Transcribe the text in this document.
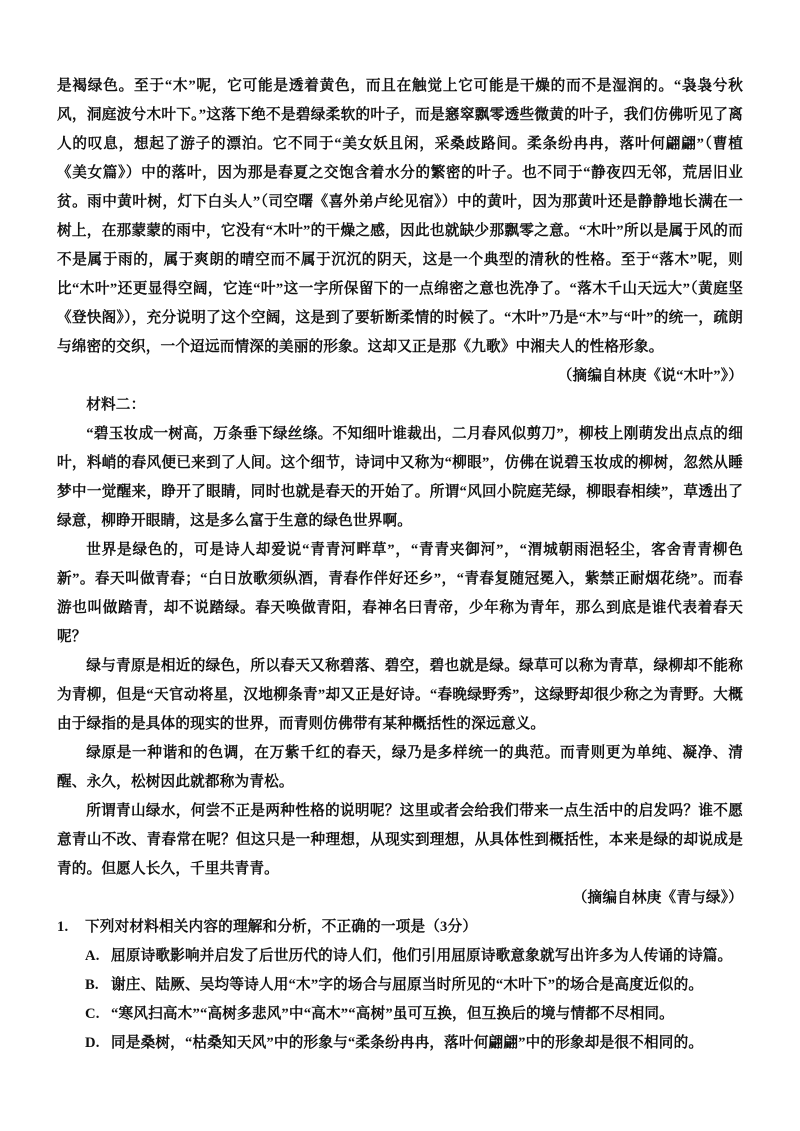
是褐绿色。至于“木”呢，它可能是透着黄色，而且在触觉上它可能是干燥的而不是湿润的。“袅袅兮秋风，洞庭波兮木叶下。”这落下绝不是碧绿柔软的叶子，而是窸窣飘零透些微黄的叶子，我们仿佛听见了离人的叹息，想起了游子的漂泊。它不同于“美女妖且闲，采桑歧路间。柔条纷冉冉，落叶何翩翩”（曹植《美女篇》）中的落叶，因为那是春夏之交饱含着水分的繁密的叶子。也不同于“静夜四无邻，荒居旧业贫。雨中黄叶树，灯下白头人”（司空曙《喜外弟卢纶见宿》）中的黄叶，因为那黄叶还是静静地长满在一树上，在那蒙蒙的雨中，它没有“木叶”的干燥之感，因此也就缺少那飘零之意。“木叶”所以是属于风的而不是属于雨的，属于爽朗的晴空而不属于沉沉的阴天，这是一个典型的清秋的性格。至于“落木”呢，则比“木叶”还更显得空阔，它连“叶”这一字所保留下的一点绵密之意也洗净了。“落木千山天远大”（黄庭坚《登快阁》），充分说明了这个空阔，这是到了要斩断柔情的时候了。“木叶”乃是“木”与“叶”的统一，疏朗与绵密的交织，一个迢远而情深的美丽的形象。这却又正是那《九歌》中湘夫人的性格形象。

（摘编自林庚《说“木叶”》）

材料二：

“碧玉妆成一树高，万条垂下绿丝绦。不知细叶谁裁出，二月春风似剪刀”，柳枝上刚萌发出点点的细叶，料峭的春风便已来到了人间。这个细节，诗词中又称为“柳眼”，仿佛在说碧玉妆成的柳树，忽然从睡梦中一觉醒来，睁开了眼睛，同时也就是春天的开始了。所谓“风回小院庭芜绿，柳眼春相续”，草透出了绿意，柳睁开眼睛，这是多么富于生意的绿色世界啊。

世界是绿色的，可是诗人却爱说“青青河畔草”，“青青夹御河”，“渭城朝雨浥轻尘，客舍青青柳色新”。春天叫做青春；“白日放歌须纵酒，青春作伴好还乡”，“青春复随冠冕入，紫禁正耐烟花绕”。而春游也叫做踏青，却不说踏绿。春天唤做青阳，春神名曰青帝，少年称为青年，那么到底是谁代表着春天呢？

绿与青原是相近的绿色，所以春天又称碧落、碧空，碧也就是绿。绿草可以称为青草，绿柳却不能称为青柳，但是“天官动将星，汉地柳条青”却又正是好诗。“春晚绿野秀”，这绿野却很少称之为青野。大概由于绿指的是具体的现实的世界，而青则仿佛带有某种概括性的深远意义。

绿原是一种谐和的色调，在万紫千红的春天，绿乃是多样统一的典范。而青则更为单纯、凝净、清醒、永久，松树因此就都称为青松。

所谓青山绿水，何尝不正是两种性格的说明呢？这里或者会给我们带来一点生活中的启发吗？谁不愿意青山不改、青春常在呢？但这只是一种理想，从现实到理想，从具体性到概括性，本来是绿的却说成是青的。但愿人长久，千里共青青。

（摘编自林庚《青与绿》）

1.	下列对材料相关内容的理解和分析，不正确的一项是（3分）
A. 屈原诗歌影响并启发了后世历代的诗人们，他们引用屈原诗歌意象就写出许多为人传诵的诗篇。
B. 谢庄、陆厥、吴均等诗人用“木”字的场合与屈原当时所见的“木叶下”的场合是高度近似的。
C. “寒风扫高木”“高树多悲风”中“高木”“高树”虽可互换，但互换后的境与情都不尽相同。
D. 同是桑树，“枯桑知天风”中的形象与“柔条纷冉冉，落叶何翩翩”中的形象却是很不相同的。
